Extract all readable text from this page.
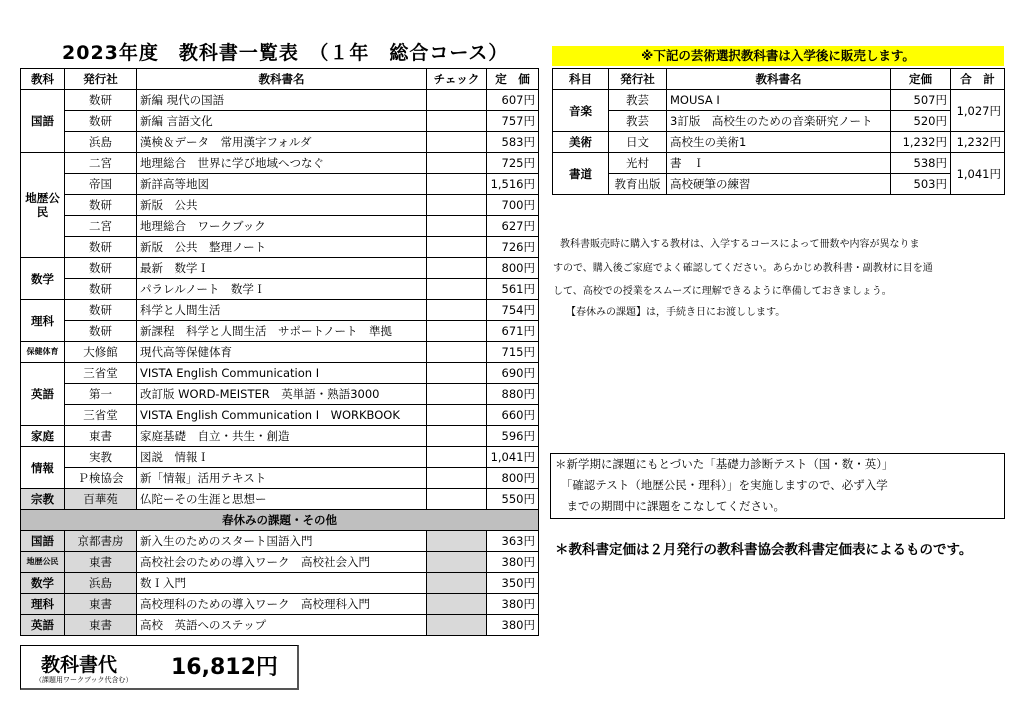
2023年度　教科書一覧表　（１年　総合コース）
教科	発行社	教科書名	チェック	定　価
国語	数研	新編 現代の国語		607円
	数研	新編 言語文化		757円
	浜島	漢検＆データ　常用漢字フォルダ		583円
地歴公民	二宮	地理総合　世界に学び地域へつなぐ		725円
	帝国	新詳高等地図		1,516円
	数研	新版　公共		700円
	二宮	地理総合　ワークブック		627円
	数研	新版　公共　整理ノート		726円
数学	数研	最新　数学Ｉ		800円
	数研	パラレルノート　数学Ｉ		561円
理科	数研	科学と人間生活		754円
	数研	新課程　科学と人間生活　サポートノート　準拠		671円
保健体育	大修館	現代高等保健体育		715円
英語	三省堂	VISTA English Communication I		690円
	第一	改訂版 WORD-MEISTER　英単語・熟語3000		880円
	三省堂	VISTA English Communication I　WORKBOOK		660円
家庭	東書	家庭基礎　自立・共生・創造		596円
情報	実教	図説　情報Ｉ		1,041円
	Ｐ検協会	新「情報」活用テキスト		800円
宗教	百華苑	仏陀ーその生涯と思想ー		550円
春休みの課題・その他				
国語	京都書房	新入生のためのスタート国語入門		363円
地歴公民	東書	高校社会のための導入ワーク　高校社会入門		380円
数学	浜島	数Ｉ入門		350円
理科	東書	高校理科のための導入ワーク　高校理科入門		380円
英語	東書	高校　英語へのステップ		380円
教科書代
（課題用ワークブック代含む） 16,812円
※下記の芸術選択教科書は入学後に販売します。
科目	発行社	教科書名	定価	合　計
音楽	教芸	MOUSA I	507円	1,027円
	教芸	3訂版　高校生のための音楽研究ノート	520円	
美術	日文	高校生の美術1	1,232円	1,232円
書道	光村	書　Ｉ	538円	1,041円
	教育出版	高校硬筆の練習	503円	
教科書販売時に購入する教材は、入学するコースによって冊数や内容が異なりま
すので、購入後ご家庭でよく確認してください。あらかじめ教科書・副教材に目を通
して、高校での授業をスムーズに理解できるように準備しておきましょう。
【春休みの課題】は，手続き日にお渡しします。
＊新学期に課題にもとづいた「基礎力診断テスト（国・数・英）」
　「確認テスト（地歴公民・理科）」を実施しますので、必ず入学
　までの期間中に課題をこなしてください。
＊教科書定価は２月発行の教科書協会教科書定価表によるものです。
